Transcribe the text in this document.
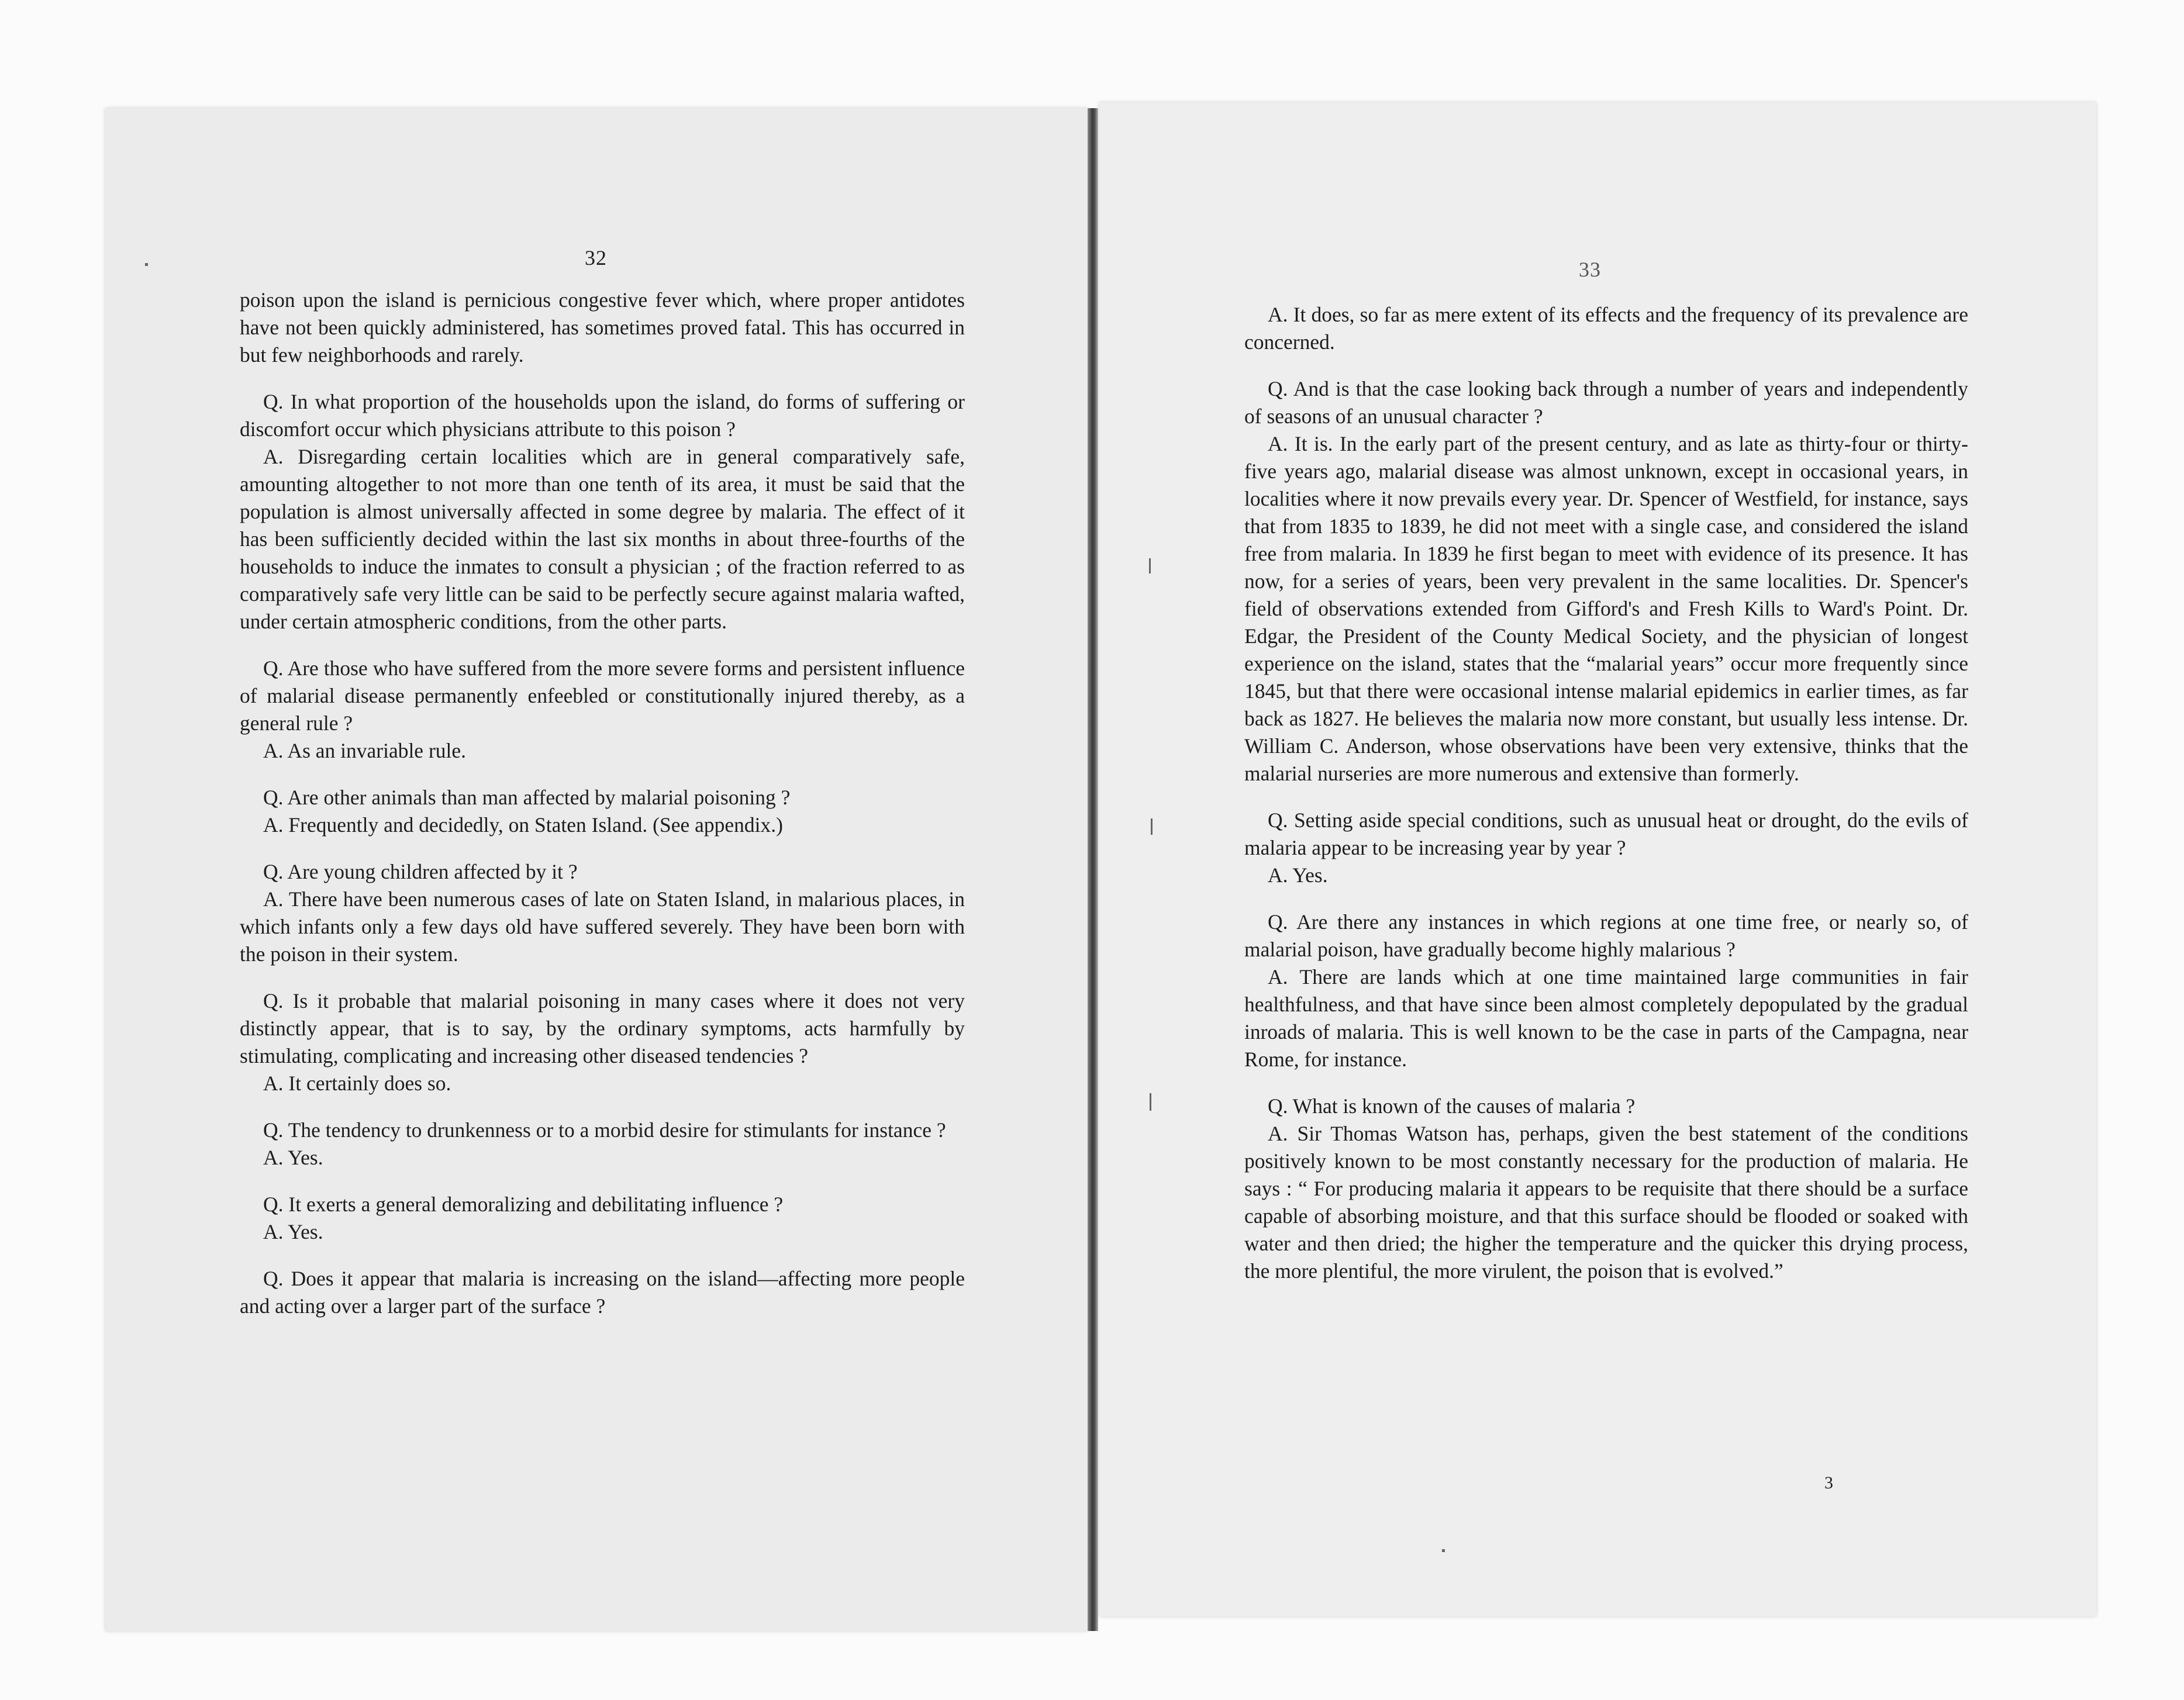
32	33
3

poison upon the island is pernicious congestive fever which, where proper antidotes have not been quickly administered, has sometimes proved fatal. This has occurred in but few neighborhoods and rarely.

Q. In what proportion of the households upon the island, do forms of suffering or discomfort occur which physicians attribute to this poison ?

A. Disregarding certain localities which are in general comparatively safe, amounting altogether to not more than one tenth of its area, it must be said that the population is almost universally affected in some degree by malaria. The effect of it has been sufficiently decided within the last six months in about three-fourths of the households to induce the inmates to consult a physician ; of the fraction referred to as comparatively safe very little can be said to be perfectly secure against malaria wafted, under certain atmospheric conditions, from the other parts.

Q. Are those who have suffered from the more severe forms and persistent influence of malarial disease permanently enfeebled or constitutionally injured thereby, as a general rule ?

A. As an invariable rule.

Q. Are other animals than man affected by malarial poisoning ?

A. Frequently and decidedly, on Staten Island. (See appendix.)

Q. Are young children affected by it ?

A. There have been numerous cases of late on Staten Island, in malarious places, in which infants only a few days old have suffered severely. They have been born with the poison in their system.

Q. Is it probable that malarial poisoning in many cases where it does not very distinctly appear, that is to say, by the ordinary symptoms, acts harmfully by stimulating, complicating and increasing other diseased tendencies ?

A. It certainly does so.

Q. The tendency to drunkenness or to a morbid desire for stimulants for instance ?

A. Yes.

Q. It exerts a general demoralizing and debilitating influence ?

A. Yes.

Q. Does it appear that malaria is increasing on the island—affecting more people and acting over a larger part of the surface ?

A. It does, so far as mere extent of its effects and the frequency of its prevalence are concerned.

Q. And is that the case looking back through a number of years and independently of seasons of an unusual character ?

A. It is. In the early part of the present century, and as late as thirty-four or thirty-five years ago, malarial disease was almost unknown, except in occasional years, in localities where it now prevails every year. Dr. Spencer of Westfield, for instance, says that from 1835 to 1839, he did not meet with a single case, and considered the island free from malaria. In 1839 he first began to meet with evidence of its presence. It has now, for a series of years, been very prevalent in the same localities. Dr. Spencer's field of observations extended from Gifford's and Fresh Kills to Ward's Point. Dr. Edgar, the President of the County Medical Society, and the physician of longest experience on the island, states that the “malarial years” occur more frequently since 1845, but that there were occasional intense malarial epidemics in earlier times, as far back as 1827. He believes the malaria now more constant, but usually less intense. Dr. William C. Anderson, whose observations have been very extensive, thinks that the malarial nurseries are more numerous and extensive than formerly.

Q. Setting aside special conditions, such as unusual heat or drought, do the evils of malaria appear to be increasing year by year ?

A. Yes.

Q. Are there any instances in which regions at one time free, or nearly so, of malarial poison, have gradually become highly malarious ?

A. There are lands which at one time maintained large communities in fair healthfulness, and that have since been almost completely depopulated by the gradual inroads of malaria. This is well known to be the case in parts of the Campagna, near Rome, for instance.

Q. What is known of the causes of malaria ?

A. Sir Thomas Watson has, perhaps, given the best statement of the conditions positively known to be most constantly necessary for the production of malaria. He says : “ For producing malaria it appears to be requisite that there should be a surface capable of absorbing moisture, and that this surface should be flooded or soaked with water and then dried; the higher the temperature and the quicker this drying process, the more plentiful, the more virulent, the poison that is evolved.”
